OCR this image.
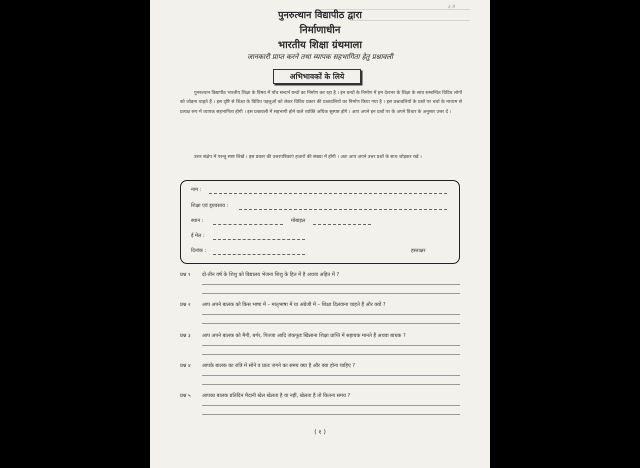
३ त
पुनरुत्थान विद्यापीठ द्वारा
निर्माणाधीन
भारतीय शिक्षा ग्रंथमाला
जानकारी प्राप्त करने तथा व्यापक सहभागिता हेतु प्रश्नावली
अभिभावकों के लिये
पुनरुत्थान विद्यापीठ भारतीय शिक्षा के विषय में पाँच सन्दर्भ ग्रन्थों का निर्माण कर रहा है । इन ग्रन्थों के निर्माण में हम देशभर के शिक्षा के साथ सम्बन्धित विविध लोगों को जोड़ना चाहते हैं । इस दृष्टि से शिक्षा के विविध पहलुओं को लेकर विविध प्रकार की प्रश्नावलियों का निर्माण किया गया है । इस प्रश्नावलियों के प्रश्नों पर चर्चा के माध्यम से प्रत्यक्ष रूप में व्यापक सहभागिता होगी । इस प्रश्नावली में सहभागी होने वाले व्यक्ति अधिक सुस्पष्ट होंगे । आप अपने इन प्रश्नों पर के अपने विचार के अनुसार उत्तर दें ।
उत्तर संक्षेप में परन्तु स्पष्ट लिखें । इस प्रकार की उत्तरपत्रिकाएं हजारों की संख्या में होंगी । अतः आप अपने उत्तर प्रश्नों के साथ जोड़कर रखें ।
नाम :
शिक्षा एवं इ्यवसाय :
स्थान :	मोबाइल
ई मेल :
दिनांक :	हस्ताक्षर
प्रश्न १ दो-तीन वर्ष के शिशु को विद्यालय भेजना शिशु के हित में है अथवा अहित में ?
प्रश्न २ आप अपने बालक को किस भाषा में – मातृभाषा में या अंग्रेजी में – शिक्षा दिलवाना चाहते हैं और क्यों ?
प्रश्न ३ आप अपने बालक को मैगी, बर्गर, पिज्जा आदि जंकफूड खिलाना शिक्षा प्राप्ति में सहायक मानते हैं अथवा बाधक ?
प्रश्न ४ आपके बालक का रात्रि में सोने व प्रातः जगने का समय क्या है और क्या होना चाहिए ?
प्रश्न ५ आपका बालक प्रतिदिन मैदानी खेल खेलता है या नहीं, खेलता है तो कितना समय ?
( १ )
